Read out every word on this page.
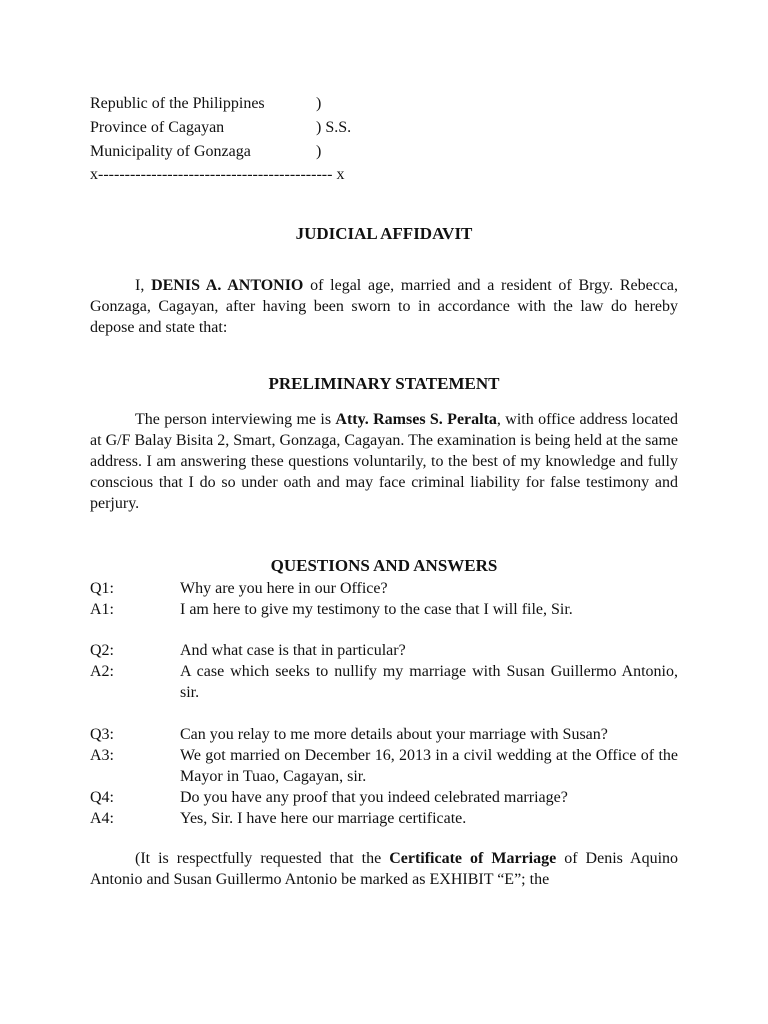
Republic of the Philippines	)
Province of Cagayan	) S.S.
Municipality of Gonzaga	)
x-------------------------------------------- x
JUDICIAL AFFIDAVIT
I, DENIS A. ANTONIO of legal age, married and a resident of Brgy. Rebecca, Gonzaga, Cagayan, after having been sworn to in accordance with the law do hereby depose and state that:
PRELIMINARY STATEMENT
The person interviewing me is Atty. Ramses S. Peralta, with office address located at G/F Balay Bisita 2, Smart, Gonzaga, Cagayan. The examination is being held at the same address. I am answering these questions voluntarily, to the best of my knowledge and fully conscious that I do so under oath and may face criminal liability for false testimony and perjury.
QUESTIONS AND ANSWERS
Q1:	Why are you here in our Office?
A1:	I am here to give my testimony to the case that I will file, Sir.
Q2:	And what case is that in particular?
A2:	A case which seeks to nullify my marriage with Susan Guillermo Antonio, sir.
Q3:	Can you relay to me more details about your marriage with Susan?
A3:	We got married on December 16, 2013 in a civil wedding at the Office of the Mayor in Tuao, Cagayan, sir.
Q4:	Do you have any proof that you indeed celebrated marriage?
A4:	Yes, Sir. I have here our marriage certificate.
(It is respectfully requested that the Certificate of Marriage of Denis Aquino Antonio and Susan Guillermo Antonio be marked as EXHIBIT “E”; the
